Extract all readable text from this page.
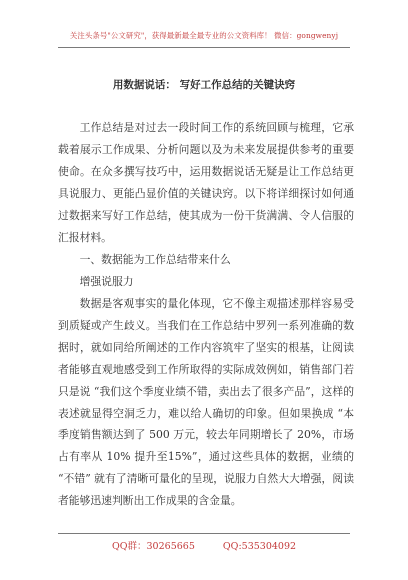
关注头条号"公文研究"，获得最新最全最专业的公文资料库！ 微信：gongwenyj
用数据说话： 写好工作总结的关键诀窍
工作总结是对过去一段时间工作的系统回顾与梳理，它承载着展示工作成果、分析问题以及为未来发展提供参考的重要使命。在众多撰写技巧中，运用数据说话无疑是让工作总结更具说服力、更能凸显价值的关键诀窍。以下将详细探讨如何通过数据来写好工作总结，使其成为一份干货满满、令人信服的汇报材料。
一、数据能为工作总结带来什么
增强说服力
数据是客观事实的量化体现，它不像主观描述那样容易受到质疑或产生歧义。当我们在工作总结中罗列一系列准确的数据时，就如同给所阐述的工作内容筑牢了坚实的根基，让阅读者能够直观地感受到工作所取得的实际成效例如，销售部门若只是说 “我们这个季度业绩不错，卖出去了很多产品”，这样的表述就显得空洞乏力，难以给人确切的印象。但如果换成 “本季度销售额达到了 500 万元，较去年同期增长了 20%，市场占有率从 10% 提升至15%”，通过这些具体的数据，业绩的 “不错” 就有了清晰可量化的呈现，说服力自然大大增强，阅读者能够迅速判断出工作成果的含金量。
QQ群：30265665	QQ:535304092
